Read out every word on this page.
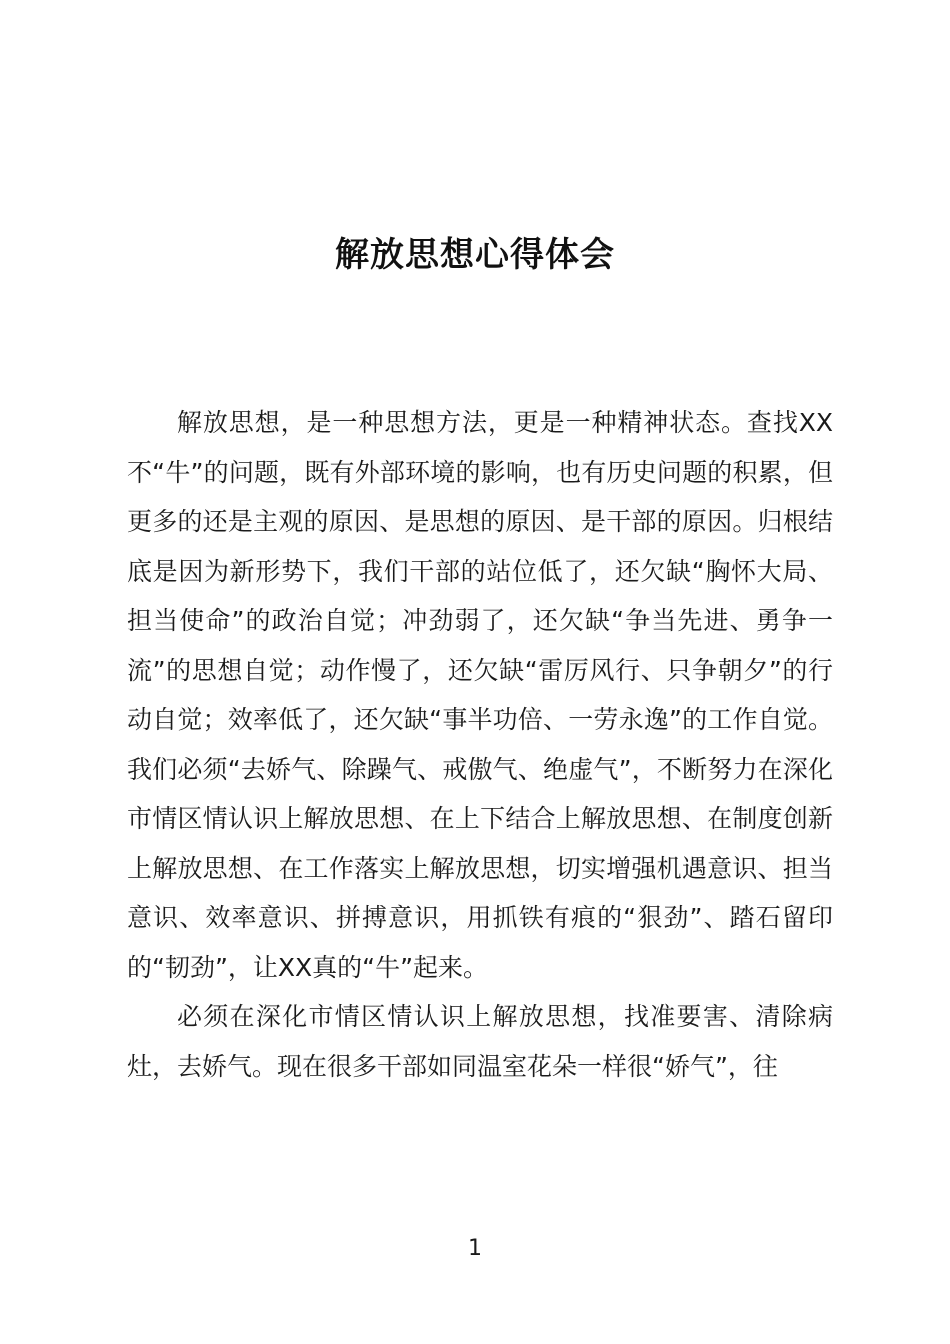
解放思想心得体会

解放思想，是一种思想方法，更是一种精神状态。查找XX不“牛”的问题，既有外部环境的影响，也有历史问题的积累，但更多的还是主观的原因、是思想的原因、是干部的原因。归根结底是因为新形势下，我们干部的站位低了，还欠缺“胸怀大局、担当使命”的政治自觉；冲劲弱了，还欠缺“争当先进、勇争一流”的思想自觉；动作慢了，还欠缺“雷厉风行、只争朝夕”的行动自觉；效率低了，还欠缺“事半功倍、一劳永逸”的工作自觉。我们必须“去娇气、除躁气、戒傲气、绝虚气”，不断努力在深化市情区情认识上解放思想、在上下结合上解放思想、在制度创新上解放思想、在工作落实上解放思想，切实增强机遇意识、担当意识、效率意识、拼搏意识，用抓铁有痕的“狠劲”、踏石留印的“韧劲”，让XX真的“牛”起来。

必须在深化市情区情认识上解放思想，找准要害、清除病灶，去娇气。现在很多干部如同温室花朵一样很“娇气”，往

1
